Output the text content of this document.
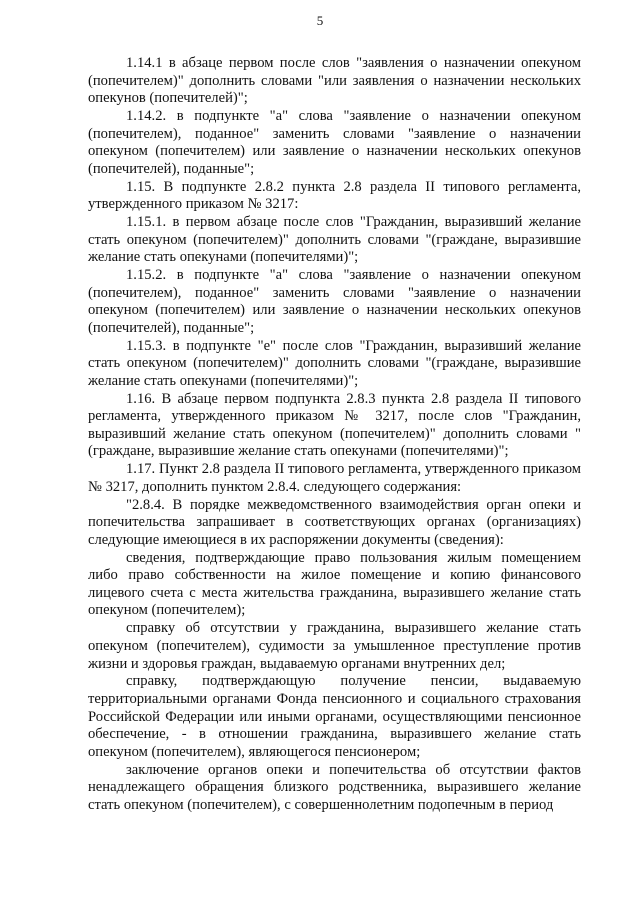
5

1.14.1 в абзаце первом после слов "заявления о назначении опекуном (попечителем)" дополнить словами "или заявления о назначении нескольких опекунов (попечителей)";

1.14.2. в подпункте "а" слова "заявление о назначении опекуном (попечителем), поданное" заменить словами "заявление о назначении опекуном (попечителем) или заявление о назначении нескольких опекунов (попечителей), поданные";

1.15. В подпункте 2.8.2 пункта 2.8 раздела II типового регламента, утвержденного приказом № 3217:

1.15.1. в первом абзаце после слов "Гражданин, выразивший желание стать опекуном (попечителем)" дополнить словами "(граждане, выразившие желание стать опекунами (попечителями)";

1.15.2. в подпункте "а" слова "заявление о назначении опекуном (попечителем), поданное" заменить словами "заявление о назначении опекуном (попечителем) или заявление о назначении нескольких опекунов (попечителей), поданные";

1.15.3. в подпункте "е" после слов "Гражданин, выразивший желание стать опекуном (попечителем)" дополнить словами "(граждане, выразившие желание стать опекунами (попечителями)";

1.16. В абзаце первом подпункта 2.8.3 пункта 2.8 раздела II типового регламента, утвержденного приказом № 3217, после слов "Гражданин, выразивший желание стать опекуном (попечителем)" дополнить словами "(граждане, выразившие желание стать опекунами (попечителями)";

1.17. Пункт 2.8 раздела II типового регламента, утвержденного приказом № 3217, дополнить пунктом 2.8.4. следующего содержания:

"2.8.4. В порядке межведомственного взаимодействия орган опеки и попечительства запрашивает в соответствующих органах (организациях) следующие имеющиеся в их распоряжении документы (сведения):

сведения, подтверждающие право пользования жилым помещением либо право собственности на жилое помещение и копию финансового лицевого счета с места жительства гражданина, выразившего желание стать опекуном (попечителем);

справку об отсутствии у гражданина, выразившего желание стать опекуном (попечителем), судимости за умышленное преступление против жизни и здоровья граждан, выдаваемую органами внутренних дел;

справку, подтверждающую получение пенсии, выдаваемую территориальными органами Фонда пенсионного и социального страхования Российской Федерации или иными органами, осуществляющими пенсионное обеспечение, - в отношении гражданина, выразившего желание стать опекуном (попечителем), являющегося пенсионером;

заключение органов опеки и попечительства об отсутствии фактов ненадлежащего обращения близкого родственника, выразившего желание стать опекуном (попечителем), с совершеннолетним подопечным в период
